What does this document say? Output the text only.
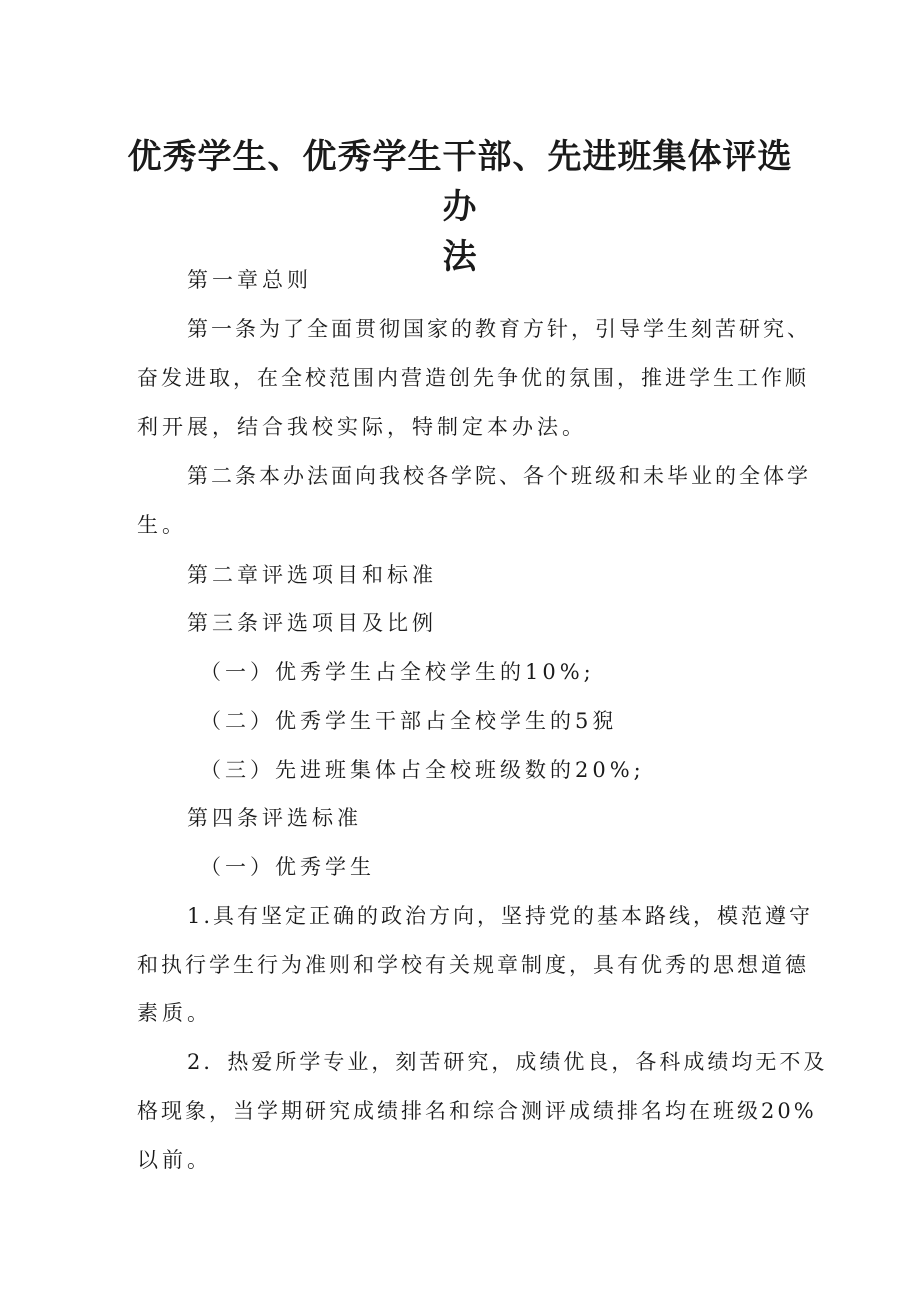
优秀学生、优秀学生干部、先进班集体评选办
法
第一章总则
第一条为了全面贯彻国家的教育方针，引导学生刻苦研究、
奋发进取，在全校范围内营造创先争优的氛围，推进学生工作顺
利开展，结合我校实际，特制定本办法。
第二条本办法面向我校各学院、各个班级和未毕业的全体学
生。
第二章评选项目和标准
第三条评选项目及比例
（一）优秀学生占全校学生的10%;
（二）优秀学生干部占全校学生的5猊
（三）先进班集体占全校班级数的20%;
第四条评选标准
（一）优秀学生
1.具有坚定正确的政治方向，坚持党的基本路线，模范遵守
和执行学生行为准则和学校有关规章制度，具有优秀的思想道德
素质。
2．热爱所学专业，刻苦研究，成绩优良，各科成绩均无不及
格现象，当学期研究成绩排名和综合测评成绩排名均在班级20%
以前。
